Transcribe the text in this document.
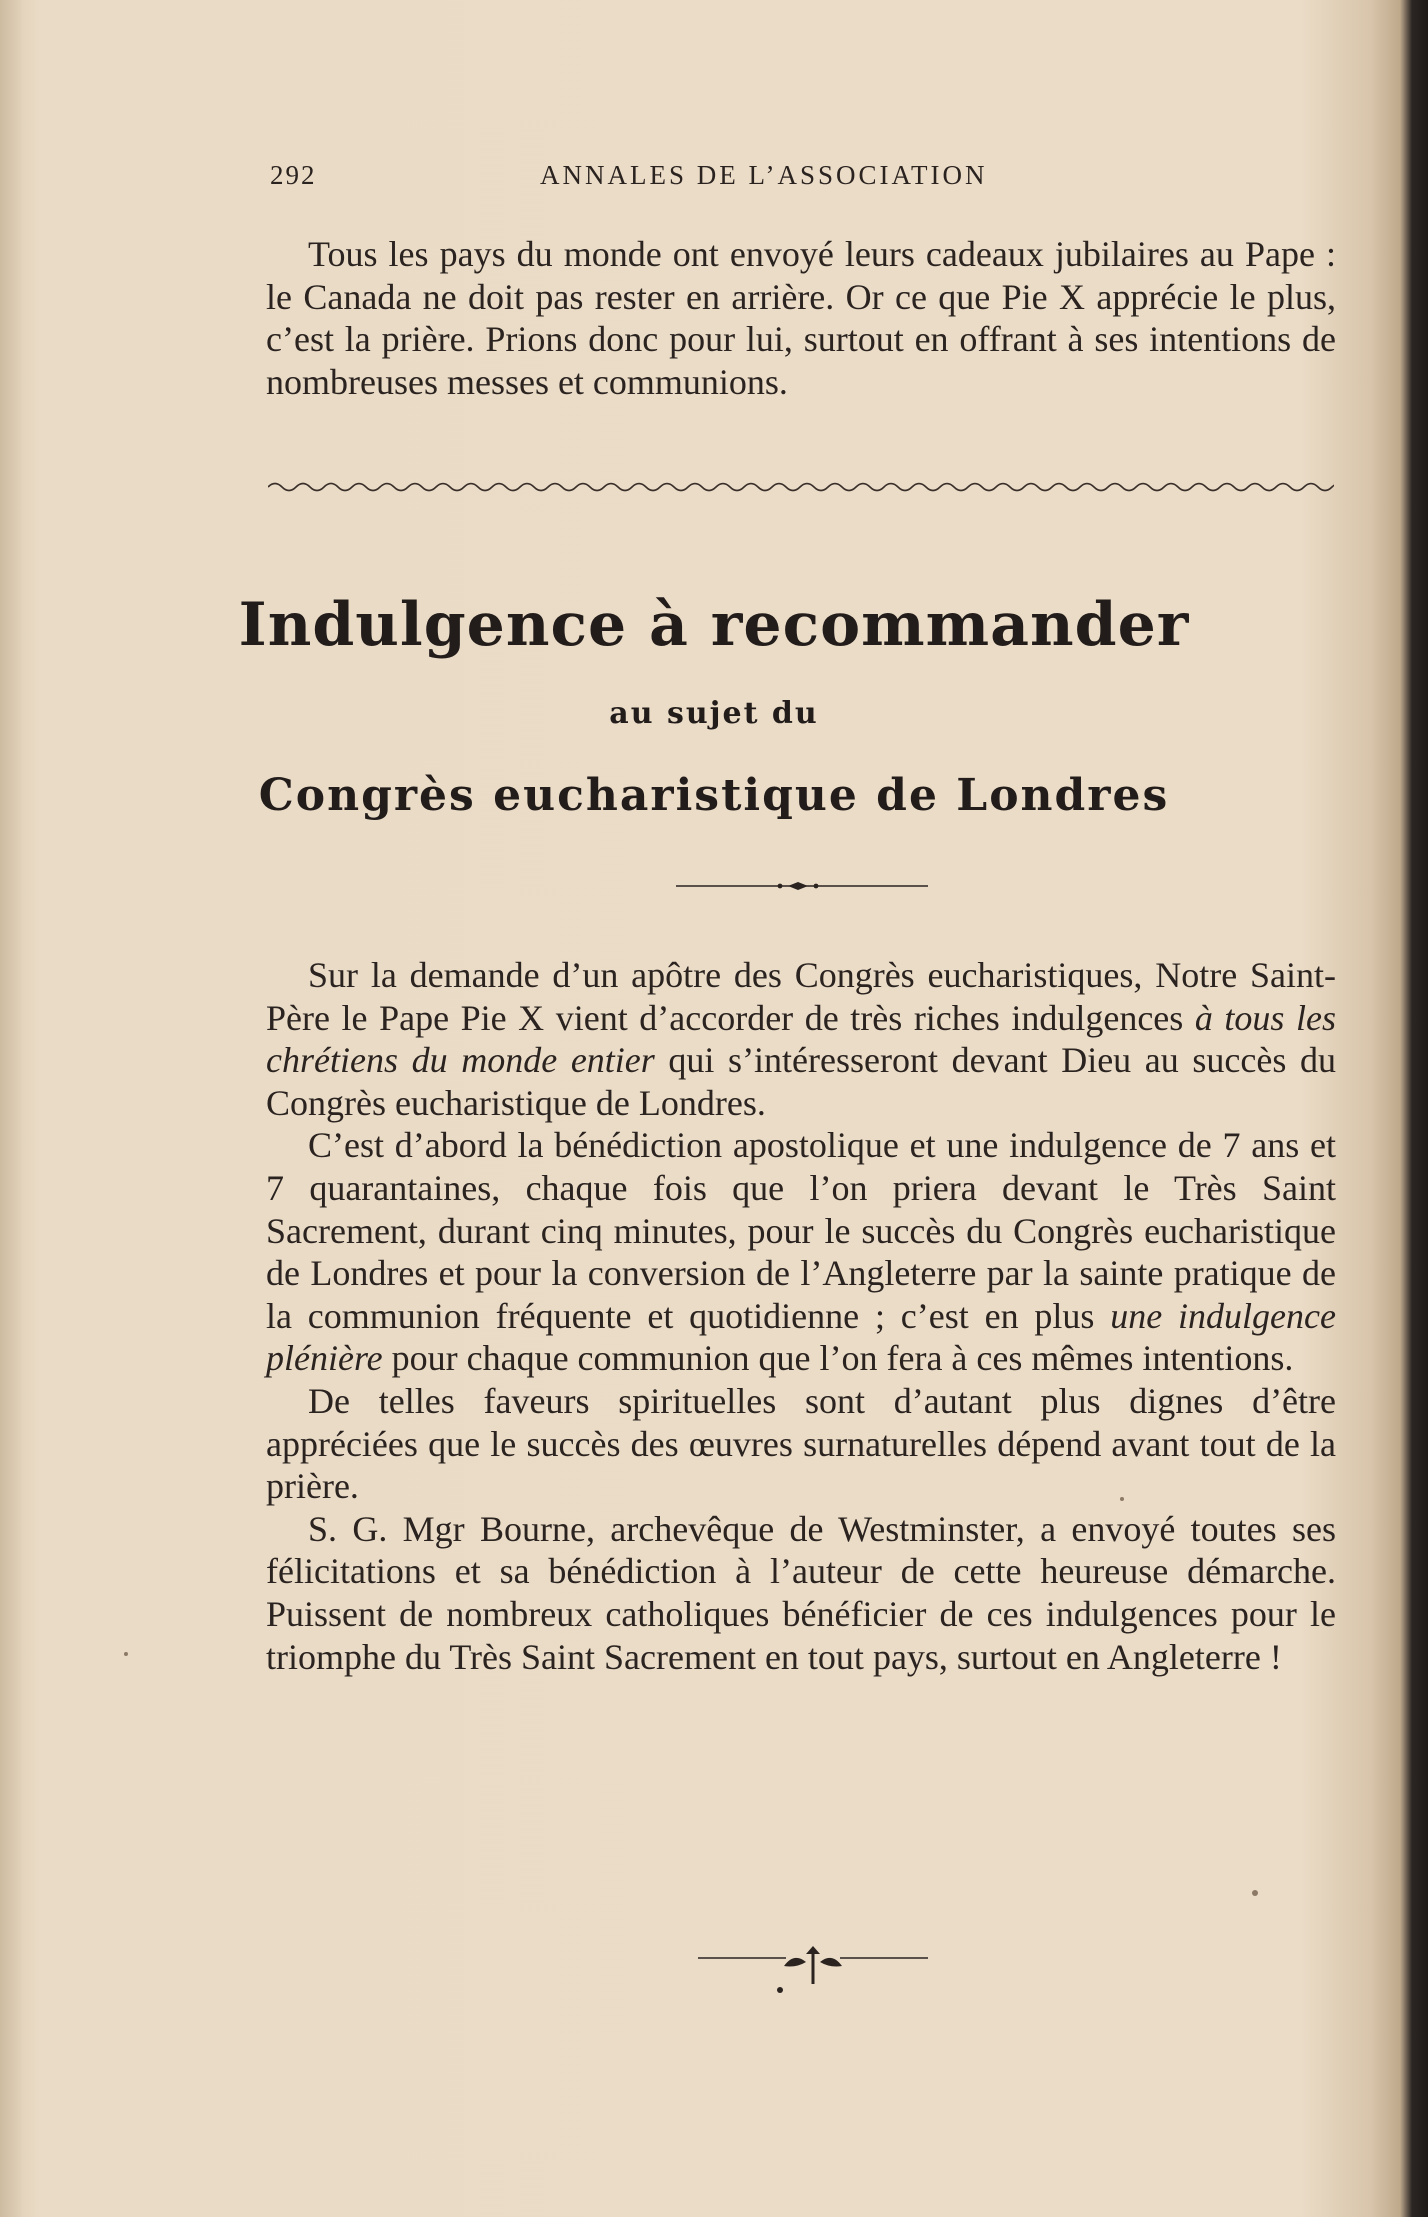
292	ANNALES DE L’ASSOCIATION

Tous les pays du monde ont envoyé leurs cadeaux jubilaires au Pape : le Canada ne doit pas rester en arrière. Or ce que Pie X apprécie le plus, c’est la prière. Prions donc pour lui, surtout en offrant à ses intentions de nombreuses messes et communions.

Indulgence à recommander
au sujet du
Congrès eucharistique de Londres

Sur la demande d’un apôtre des Congrès eucharistiques, Notre Saint-Père le Pape Pie X vient d’accorder de très riches indulgences à tous les chrétiens du monde entier qui s’intéresseront devant Dieu au succès du Congrès eucharistique de Londres.

C’est d’abord la bénédiction apostolique et une indulgence de 7 ans et 7 quarantaines, chaque fois que l’on priera devant le Très Saint Sacrement, durant cinq minutes, pour le succès du Congrès eucharistique de Londres et pour la conversion de l’Angleterre par la sainte pratique de la communion fréquente et quotidienne ; c’est en plus une indulgence plénière pour chaque communion que l’on fera à ces mêmes intentions.

De telles faveurs spirituelles sont d’autant plus dignes d’être appréciées que le succès des œuvres surnaturelles dépend avant tout de la prière.

S. G. Mgr Bourne, archevêque de Westminster, a envoyé toutes ses félicitations et sa bénédiction à l’auteur de cette heureuse démarche. Puissent de nombreux catholiques bénéficier de ces indulgences pour le triomphe du Très Saint Sacrement en tout pays, surtout en Angleterre !
